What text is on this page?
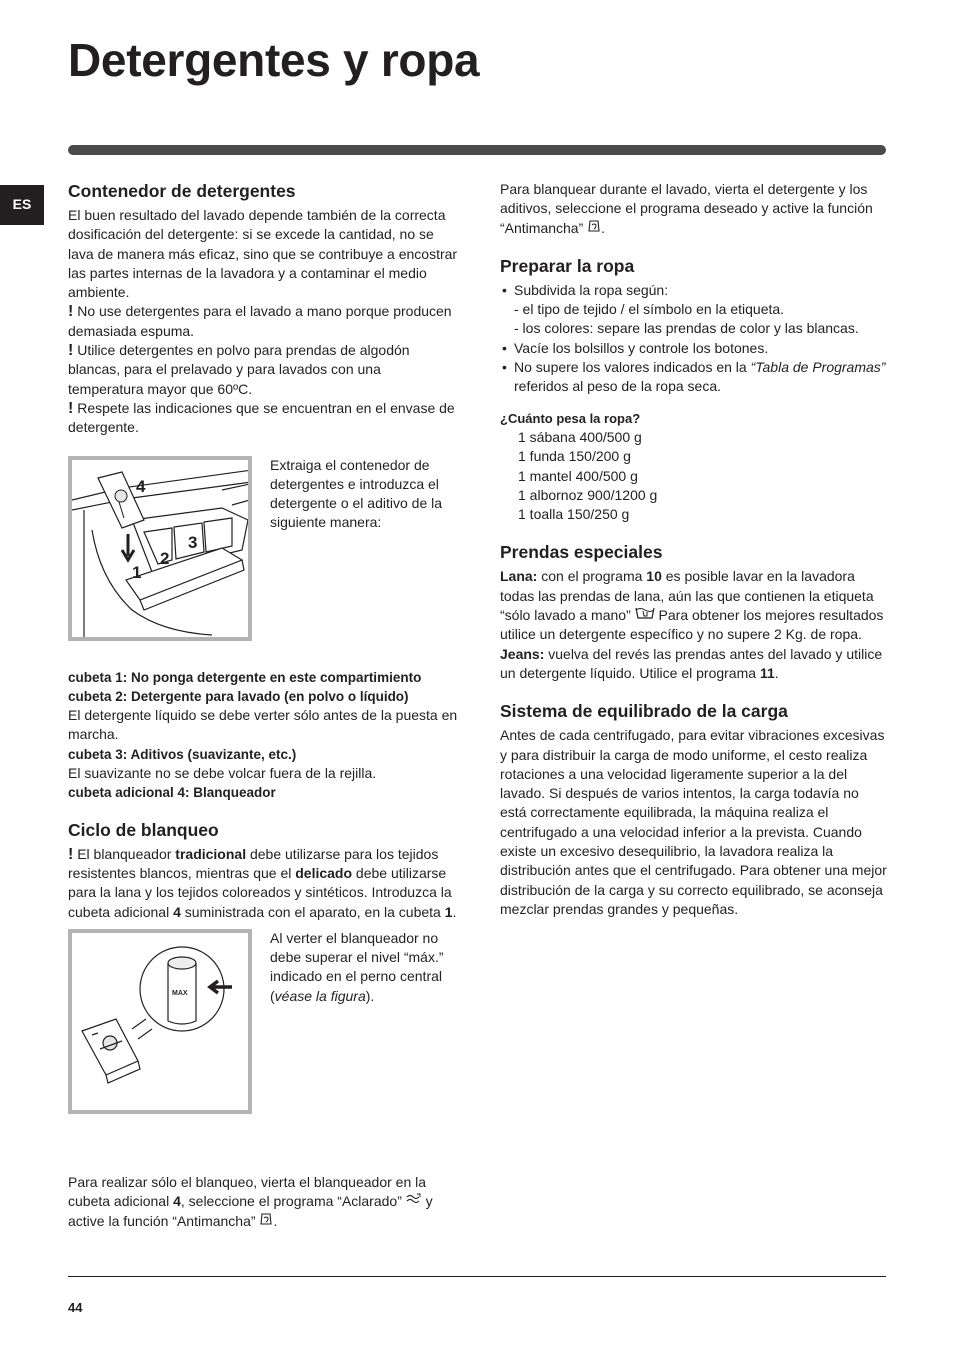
Detergentes y ropa
ES
Contenedor de detergentes

El buen resultado del lavado depende también de la correcta dosificación del detergente: si se excede la cantidad, no se lava de manera más eficaz, sino que se contribuye a encostrar las partes internas de la lavadora y a contaminar el medio ambiente.

! No use detergentes para el lavado a mano porque producen demasiada espuma.

! Utilice detergentes en polvo para prendas de algodón blancas, para el prelavado y para lavados con una temperatura mayor que 60ºC.

! Respete las indicaciones que se encuentran en el envase de detergente.

4
1
2
3
Extraiga el contenedor de detergentes e introduzca el detergente o el aditivo de la siguiente manera:

cubeta 1: No ponga detergente en este compartimiento

cubeta 2: Detergente para lavado (en polvo o líquido)

El detergente líquido se debe verter sólo antes de la puesta en marcha.

cubeta 3: Aditivos (suavizante, etc.)

El suavizante no se debe volcar fuera de la rejilla.

cubeta adicional 4: Blanqueador

Ciclo de blanqueo

! El blanqueador tradicional debe utilizarse para los tejidos resistentes blancos, mientras que el delicado debe utilizarse para la lana y los tejidos coloreados y sintéticos. Introduzca la cubeta adicional 4 suministrada con el aparato, en la cubeta 1.

MAX
Al verter el blanqueador no debe superar el nivel “máx.” indicado en el perno central (véase la figura).
Para realizar sólo el blanqueo, vierta el blanqueador en la cubeta adicional 4, seleccione el programa “Aclarado”  y active la función “Antimancha” .

Para blanquear durante el lavado, vierta el detergente y los aditivos, seleccione el programa deseado y active la función “Antimancha” .

Preparar la ropa
• Subdivida la ropa según:
- el tipo de tejido / el símbolo en la etiqueta.
- los colores: separe las prendas de color y las blancas.
• Vacíe los bolsillos y controle los botones.
• No supere los valores indicados en la “Tabla de Programas” referidos al peso de la ropa seca.

¿Cuánto pesa la ropa?

1 sábana 400/500 g
1 funda 150/200 g
1 mantel 400/500 g
1 albornoz 900/1200 g
1 toalla 150/250 g
Prendas especiales

Lana: con el programa 10 es posible lavar en la lavadora todas las prendas de lana, aún las que contienen la etiqueta “sólo lavado a mano”  Para obtener los mejores resultados utilice un detergente específico y no supere 2 Kg. de ropa.

Jeans: vuelva del revés las prendas antes del lavado y utilice un detergente líquido. Utilice el programa 11.

Sistema de equilibrado de la carga

Antes de cada centrifugado, para evitar vibraciones excesivas y para distribuir la carga de modo uniforme, el cesto realiza rotaciones a una velocidad ligeramente superior a la del lavado. Si después de varios intentos, la carga todavía no está correctamente equilibrada, la máquina realiza el centrifugado a una velocidad inferior a la prevista. Cuando existe un excesivo desequilibrio, la lavadora realiza la distribución antes que el centrifugado. Para obtener una mejor distribución de la carga y su correcto equilibrado, se aconseja mezclar prendas grandes y pequeñas.

44
